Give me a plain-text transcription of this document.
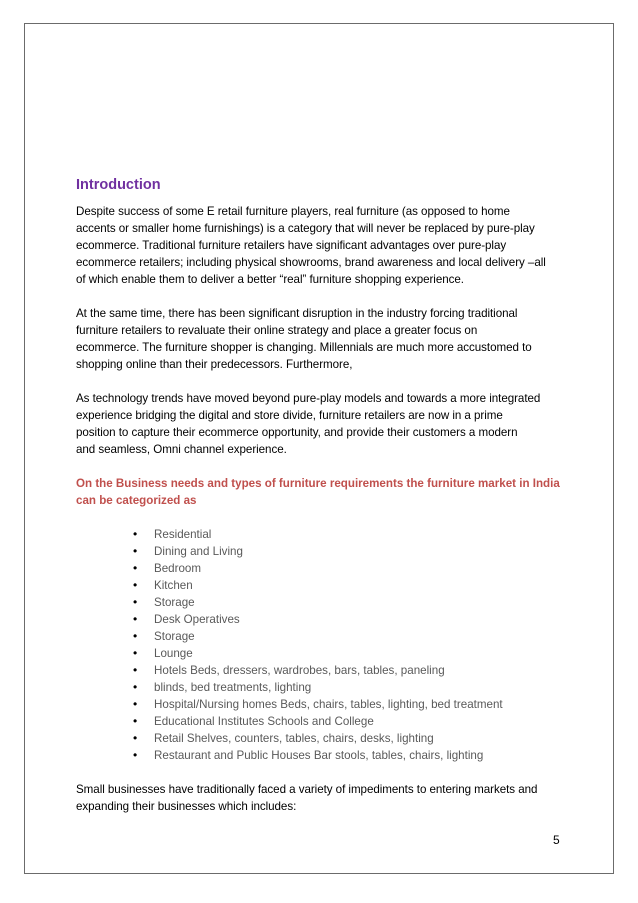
Introduction

Despite success of some E retail furniture players, real furniture (as opposed to home
accents or smaller home furnishings) is a category that will never be replaced by pure-play
ecommerce. Traditional furniture retailers have significant advantages over pure-play
ecommerce retailers; including physical showrooms, brand awareness and local delivery –all
of which enable them to deliver a better “real” furniture shopping experience.

At the same time, there has been significant disruption in the industry forcing traditional
furniture retailers to revaluate their online strategy and place a greater focus on
ecommerce. The furniture shopper is changing. Millennials are much more accustomed to
shopping online than their predecessors. Furthermore,

As technology trends have moved beyond pure-play models and towards a more integrated
experience bridging the digital and store divide, furniture retailers are now in a prime
position to capture their ecommerce opportunity, and provide their customers a modern
and seamless, Omni channel experience.

On the Business needs and types of furniture requirements the furniture market in India
can be categorized as

• Residential
• Dining and Living
• Bedroom
• Kitchen
• Storage
• Desk Operatives
• Storage
• Lounge
• Hotels Beds, dressers, wardrobes, bars, tables, paneling
• blinds, bed treatments, lighting
• Hospital/Nursing homes Beds, chairs, tables, lighting, bed treatment
• Educational Institutes Schools and College
• Retail Shelves, counters, tables, chairs, desks, lighting
• Restaurant and Public Houses Bar stools, tables, chairs, lighting

Small businesses have traditionally faced a variety of impediments to entering markets and
expanding their businesses which includes:

5
